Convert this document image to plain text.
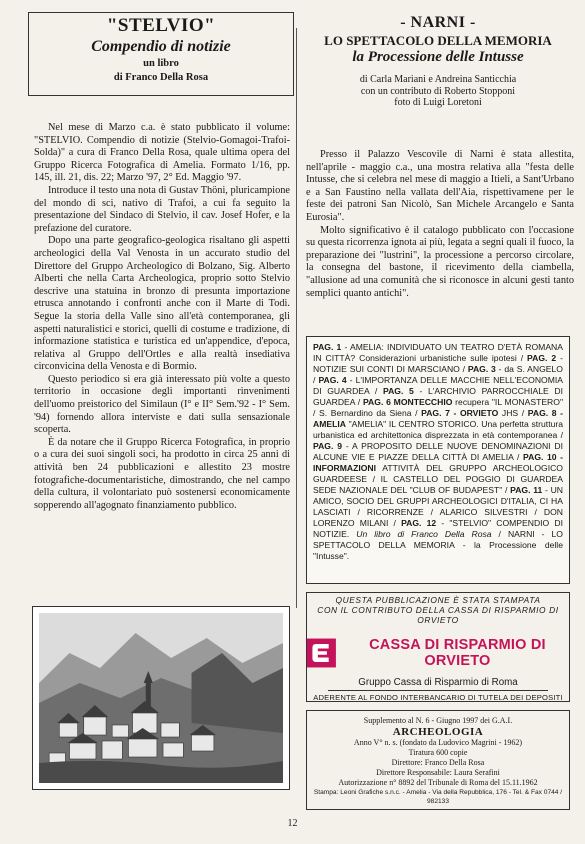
"STELVIO"
Compendio di notizie
un libro
di Franco Della Rosa

Nel mese di Marzo c.a. è stato pubblicato il volume: "STELVIO. Compendio di notizie (Stelvio-Gomagoi-Trafoi-Solda)" a cura di Franco Della Rosa, quale ultima opera del Gruppo Ricerca Fotografica di Amelia. Formato 1/16, pp. 145, ill. 21, dis. 22; Marzo '97, 2° Ed. Maggio '97.

Introduce il testo una nota di Gustav Thöni, pluricampione del mondo di sci, nativo di Trafoi, a cui fa seguito la presentazione del Sindaco di Stelvio, il cav. Josef Hofer, e la prefazione del curatore.

Dopo una parte geografico-geologica risaltano gli aspetti archeologici della Val Venosta in un accurato studio del Direttore del Gruppo Archeologico di Bolzano, Sig. Alberto Alberti che nella Carta Archeologica, proprio sotto Stelvio descrive una statuina in bronzo di presunta importazione etrusca annotando i confronti anche con il Marte di Todi. Segue la storia della Valle sino all'età contemporanea, gli aspetti naturalistici e storici, quelli di costume e tradizione, di informazione statistica e turistica ed un'appendice, d'epoca, relativa al Gruppo dell'Ortles e alla realtà insediativa circonvicina della Venosta e di Bormio.

Questo periodico si era già interessato più volte a questo territorio in occasione degli importanti rinvenimenti dell'uomo preistorico del Similaun (I° e II° Sem.'92 - I° Sem. '94) fornendo allora interviste e dati sulla sensazionale scoperta.

È da notare che il Gruppo Ricerca Fotografica, in proprio o a cura dei suoi singoli soci, ha prodotto in circa 25 anni di attività ben 24 pubblicazioni e allestito 23 mostre fotografiche-documentaristiche, dimostrando, che nel campo della cultura, il volontariato può sostenersi economicamente sopperendo all'agognato finanziamento pubblico.

- NARNI -
LO SPETTACOLO DELLA MEMORIA
la Processione delle Intusse
di Carla Mariani e Andreina Santicchia
con un contributo di Roberto Stopponi
foto di Luigi Loretoni

Presso il Palazzo Vescovile di Narni è stata allestita, nell'aprile - maggio c.a., una mostra relativa alla "festa delle Intusse, che si celebra nel mese di maggio a Itieli, a Sant'Urbano e a San Faustino nella vallata dell'Aia, rispettivamene per le feste dei patroni San Nicolò, San Michele Arcangelo e Santa Eurosia".

Molto significativo è il catalogo pubblicato con l'occasione su questa ricorrenza ignota ai più, legata a segni quali il fuoco, la preparazione dei "lustrini", la processione a percorso circolare, la consegna del bastone, il ricevimento della ciambella, "allusione ad una comunità che si riconosce in alcuni gesti tanto semplici quanto antichi".

PAG. 1 - AMELIA: INDIVIDUATO UN TEATRO D'ETÀ ROMANA IN CITTÀ? Considerazioni urbanistiche sulle ipotesi / PAG. 2 - NOTIZIE SUI CONTI DI MARSCIANO / PAG. 3 - da S. ANGELO / PAG. 4 - L'IMPORTANZA DELLE MACCHIE NELL'ECONOMIA DI GUARDEA / PAG. 5 - L'ARCHIVIO PARROCCHIALE DI GUARDEA / PAG. 6 MONTECCHIO recupera "IL MONASTERO" / S. Bernardino da Siena / PAG. 7 - ORVIETO JHS / PAG. 8 - AMELIA "AMELIA" IL CENTRO STORICO. Una perfetta struttura urbanistica ed architettonica disprezzata in età contemporanea / PAG. 9 - A PROPOSITO DELLE NUOVE DENOMINAZIONI DI ALCUNE VIE E PIAZZE DELLA CITTÀ DI AMELIA / PAG. 10 - INFORMAZIONI ATTIVITÀ DEL GRUPPO ARCHEOLOGICO GUARDEESE / IL CASTELLO DEL POGGIO DI GUARDEA SEDE NAZIONALE DEL "CLUB OF BUDAPEST" / PAG. 11 - UN AMICO, SOCIO DEL GRUPPI ARCHEOLOGICI D'ITALIA, CI HA LASCIATI / RICORRENZE / ALARICO SILVESTRI / DON LORENZO MILANI / PAG. 12 - "STELVIO" COMPENDIO DI NOTIZIE. Un libro di Franco Della Rosa / NARNI - LO SPETTACOLO DELLA MEMORIA - la Processione delle "Intusse".
QUESTA PUBBLICAZIONE È STATA STAMPATA
CON IL CONTRIBUTO DELLA CASSA DI RISPARMIO DI ORVIETO
CASSA DI RISPARMIO DI ORVIETO
Gruppo Cassa di Risparmio di Roma
ADERENTE AL FONDO INTERBANCARIO DI TUTELA DEI DEPOSITI
Supplemento al N. 6 - Giugno 1997 dei G.A.I.
ARCHEOLOGIA
Anno V° n. s. (fondato da Ludovico Magrini - 1962)
Tiratura 600 copie
Direttore: Franco Della Rosa
Direttore Responsabile: Laura Serafini
Autorizzazione n° 8892 del Tribunale di Roma del 15.11.1962
Stampa: Leoni Grafiche s.n.c. - Amelia - Via della Repubblica, 176 - Tel. & Fax 0744 / 982133
12
